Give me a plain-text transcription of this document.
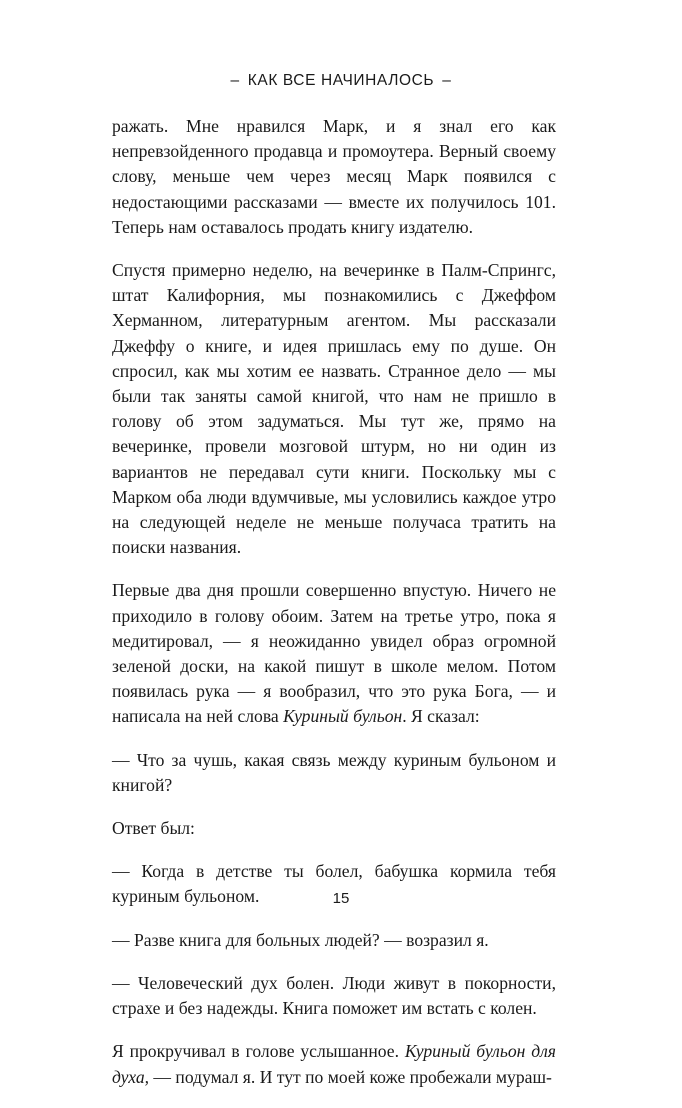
– КАК ВСЕ НАЧИНАЛОСЬ –

ражать. Мне нравился Марк, и я знал его как непревзойденного продавца и промоутера. Верный своему слову, меньше чем через месяц Марк появился с недостающими рассказами — вместе их получилось 101. Теперь нам оставалось продать книгу издателю.

Спустя примерно неделю, на вечеринке в Палм-Спрингс, штат Калифорния, мы познакомились с Джеффом Херманном, литературным агентом. Мы рассказали Джеффу о книге, и идея пришлась ему по душе. Он спросил, как мы хотим ее назвать. Странное дело — мы были так заняты самой книгой, что нам не пришло в голову об этом задуматься. Мы тут же, прямо на вечеринке, провели мозговой штурм, но ни один из вариантов не передавал сути книги. Поскольку мы с Марком оба люди вдумчивые, мы условились каждое утро на следующей неделе не меньше получаса тратить на поиски названия.

Первые два дня прошли совершенно впустую. Ничего не приходило в голову обоим. Затем на третье утро, пока я медитировал, — я неожиданно увидел образ огромной зеленой доски, на какой пишут в школе мелом. Потом появилась рука — я вообразил, что это рука Бога, — и написала на ней слова Куриный бульон. Я сказал:

— Что за чушь, какая связь между куриным бульоном и книгой?

Ответ был:

— Когда в детстве ты болел, бабушка кормила тебя куриным бульоном.

— Разве книга для больных людей? — возразил я.

— Человеческий дух болен. Люди живут в покорности, страхе и без надежды. Книга поможет им встать с колен.

Я прокручивал в голове услышанное. Куриный бульон для духа, — подумал я. И тут по моей коже пробежали мураш-

15
